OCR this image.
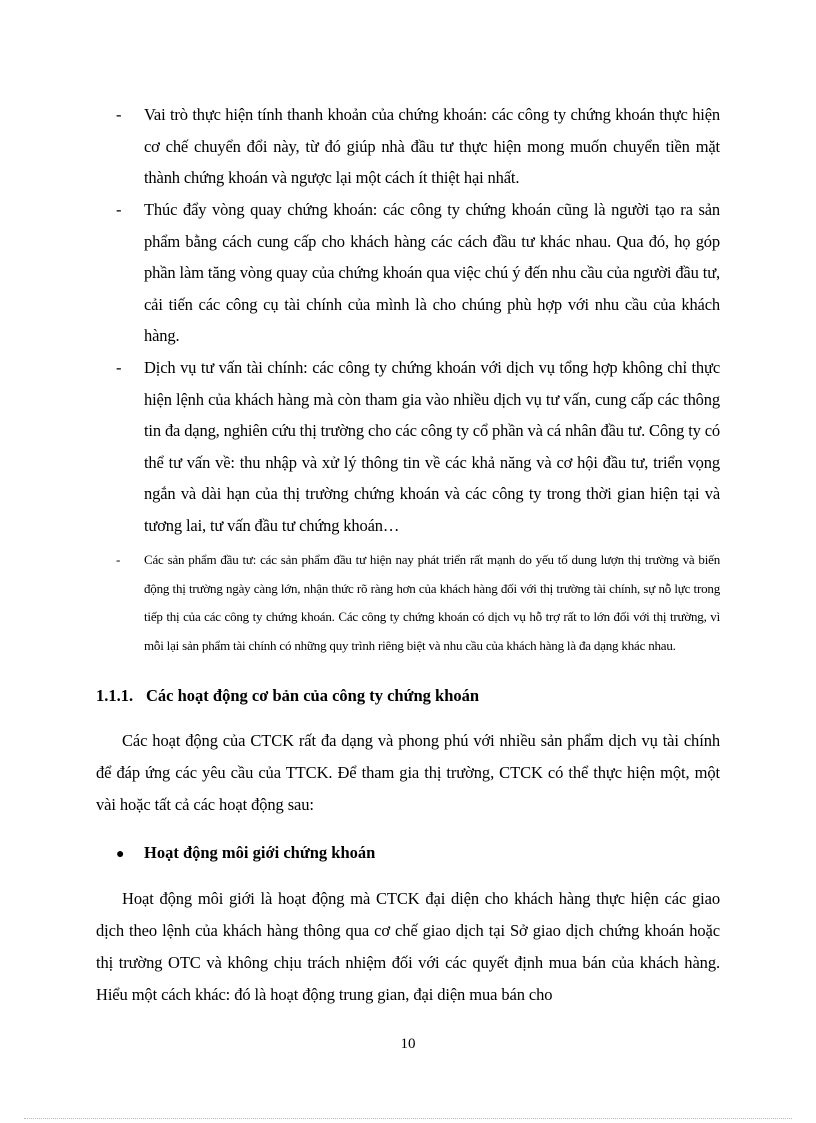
-	Vai trò thực hiện tính thanh khoản của chứng khoán: các công ty chứng khoán thực hiện cơ chế chuyển đổi này, từ đó giúp nhà đầu tư thực hiện mong muốn chuyển tiền mặt thành chứng khoán và ngược lại một cách ít thiệt hại nhất.
-	Thúc đẩy vòng quay chứng khoán: các công ty chứng khoán cũng là người tạo ra sản phẩm bằng cách cung cấp cho khách hàng các cách đầu tư khác nhau. Qua đó, họ góp phần làm tăng vòng quay của chứng khoán qua việc chú ý đến nhu cầu của người đầu tư, cải tiến các công cụ tài chính của mình là cho chúng phù hợp với nhu cầu của khách hàng.
-	Dịch vụ tư vấn tài chính: các công ty chứng khoán với dịch vụ tổng hợp không chỉ thực hiện lệnh của khách hàng mà còn tham gia vào nhiều dịch vụ tư vấn, cung cấp các thông tin đa dạng, nghiên cứu thị trường cho các công ty cổ phần và cá nhân đầu tư. Công ty có thể tư vấn về: thu nhập và xử lý thông tin về các khả năng và cơ hội đầu tư, triển vọng ngắn và dài hạn của thị trường chứng khoán và các công ty trong thời gian hiện tại và tương lai, tư vấn đầu tư chứng khoán…
-	Các sản phẩm đầu tư: các sản phẩm đầu tư hiện nay phát triển rất mạnh do yếu tố dung lượn thị trường và biến động thị trường ngày càng lớn, nhận thức rõ ràng hơn của khách hàng đối với thị trường tài chính, sự nỗ lực trong tiếp thị của các công ty chứng khoán. Các công ty chứng khoán có dịch vụ hỗ trợ rất to lớn đối với thị trường, vì mỗi lại sản phẩm tài chính có những quy trình riêng biệt và nhu cầu của khách hàng là đa dạng khác nhau.
1.1.1. Các hoạt động cơ bản của công ty chứng khoán
Các hoạt động của CTCK rất đa dạng và phong phú với nhiều sản phẩm dịch vụ tài chính để đáp ứng các yêu cầu của TTCK. Để tham gia thị trường, CTCK có thể thực hiện một, một vài hoặc tất cả các hoạt động sau:
● Hoạt động môi giới chứng khoán
Hoạt động môi giới là hoạt động mà CTCK đại diện cho khách hàng thực hiện các giao dịch theo lệnh của khách hàng thông qua cơ chế giao dịch tại Sở giao dịch chứng khoán hoặc thị trường OTC và không chịu trách nhiệm đối với các quyết định mua bán của khách hàng. Hiểu một cách khác: đó là hoạt động trung gian, đại diện mua bán cho
10
